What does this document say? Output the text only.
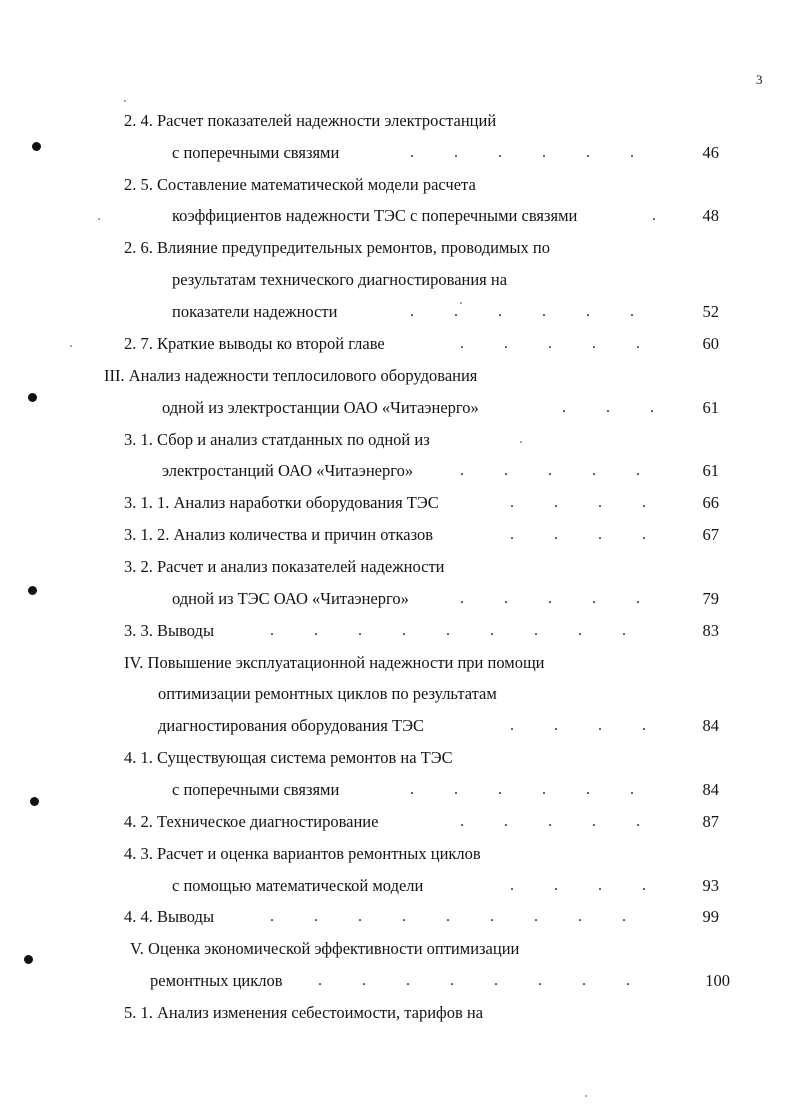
3
2. 4. Расчет показателей надежности электростанций
с поперечными связями	.          .          .          .          .          .	46
2. 5. Составление математической модели расчета
коэффициентов надежности ТЭС с поперечными связями	.	48
2. 6. Влияние предупредительных ремонтов, проводимых по
результатам технического диагностирования на
показатели надежности	.          .          .          .          .          .	52
2. 7. Краткие выводы ко второй главе	.          .          .          .          .	60
III. Анализ надежности теплосилового оборудования
одной из электростанции ОАО «Читаэнерго»	.          .          .	61
3. 1. Сбор и анализ статданных по одной из
электростанций ОАО «Читаэнерго»	.          .          .          .          .	61
3. 1. 1. Анализ наработки оборудования ТЭС	.          .          .          .	66
3. 1. 2. Анализ количества и причин отказов	.          .          .          .	67
3. 2. Расчет и анализ показателей надежности
одной из ТЭС ОАО «Читаэнерго»	.          .          .          .          .	79
3. 3. Выводы	.          .          .          .          .          .          .          .          .	83
IV. Повышение эксплуатационной надежности при помощи
оптимизации ремонтных циклов по результатам
диагностирования оборудования ТЭС	.          .          .          .	84
4. 1. Существующая система ремонтов на ТЭС
с поперечными связями	.          .          .          .          .          .	84
4. 2. Техническое диагностирование	.          .          .          .          .	87
4. 3. Расчет и оценка вариантов ремонтных циклов
с помощью математической модели	.          .          .          .	93
4. 4. Выводы	.          .          .          .          .          .          .          .          .	99
V. Оценка экономической эффективности оптимизации
ремонтных циклов .          .          .          .          .          .          .          .	100
5. 1. Анализ изменения себестоимости, тарифов на
